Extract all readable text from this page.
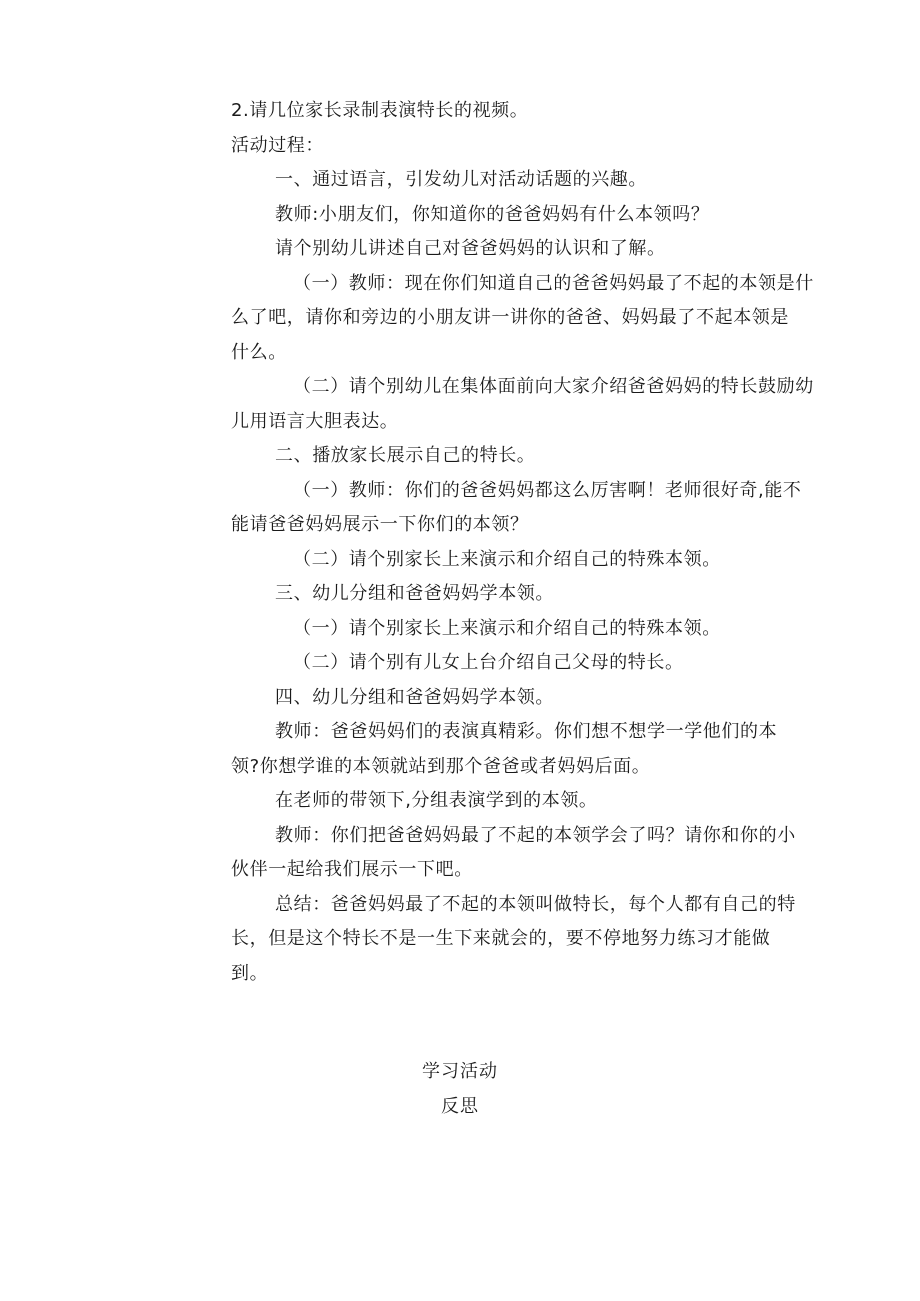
2.请几位家长录制表演特长的视频。
活动过程：
一、通过语言，引发幼儿对活动话题的兴趣。
教师:小朋友们，你知道你的爸爸妈妈有什么本领吗？
请个别幼儿讲述自己对爸爸妈妈的认识和了解。
（一）教师：现在你们知道自己的爸爸妈妈最了不起的本领是什
么了吧，请你和旁边的小朋友讲一讲你的爸爸、妈妈最了不起本领是
什么。
（二）请个别幼儿在集体面前向大家介绍爸爸妈妈的特长鼓励幼
儿用语言大胆表达。
二、播放家长展示自己的特长。
（一）教师：你们的爸爸妈妈都这么厉害啊！老师很好奇,能不
能请爸爸妈妈展示一下你们的本领？
（二）请个别家长上来演示和介绍自己的特殊本领。
三、幼儿分组和爸爸妈妈学本领。
（一）请个别家长上来演示和介绍自己的特殊本领。
（二）请个别有儿女上台介绍自己父母的特长。
四、幼儿分组和爸爸妈妈学本领。
教师：爸爸妈妈们的表演真精彩。你们想不想学一学他们的本
领?你想学谁的本领就站到那个爸爸或者妈妈后面。
在老师的带领下,分组表演学到的本领。
教师：你们把爸爸妈妈最了不起的本领学会了吗？请你和你的小
伙伴一起给我们展示一下吧。
总结：爸爸妈妈最了不起的本领叫做特长，每个人都有自己的特
长，但是这个特长不是一生下来就会的，要不停地努力练习才能做
到。
学习活动
反思
